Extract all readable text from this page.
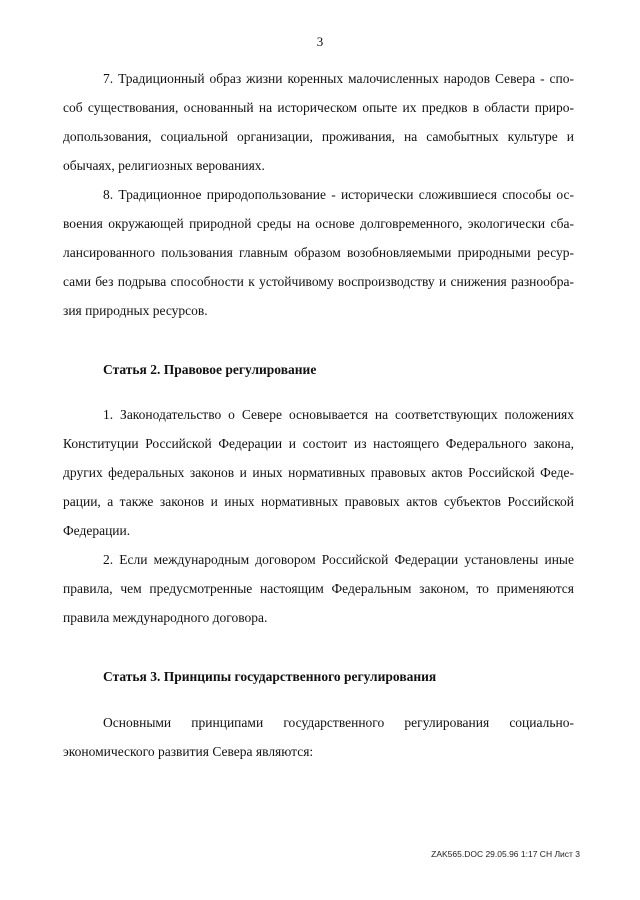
3
7. Традиционный образ жизни коренных малочисленных народов Севера - спо-
соб существования, основанный на историческом опыте их предков в области приро-
допользования, социальной организации, проживания, на самобытных культуре и
обычаях, религиозных верованиях.
8. Традиционное природопользование - исторически сложившиеся способы ос-
воения окружающей природной среды на основе долговременного, экологически сба-
лансированного пользования главным образом возобновляемыми природными ресур-
сами без подрыва способности к устойчивому воспроизводству и снижения разнообра-
зия природных ресурсов.
Статья 2. Правовое регулирование
1. Законодательство о Севере основывается на соответствующих положениях
Конституции Российской Федерации и состоит из настоящего Федерального закона,
других федеральных законов и иных нормативных правовых актов Российской Феде-
рации, а также законов и иных нормативных правовых актов субъектов Российской
Федерации.
2. Если международным договором Российской Федерации установлены иные
правила, чем предусмотренные настоящим Федеральным законом, то применяются
правила международного договора.
Статья 3. Принципы государственного регулирования
Основными принципами государственного регулирования социально-
экономического развития Севера являются:
ZAK565.DOC 29.05.96 1:17 СН Лист 3
